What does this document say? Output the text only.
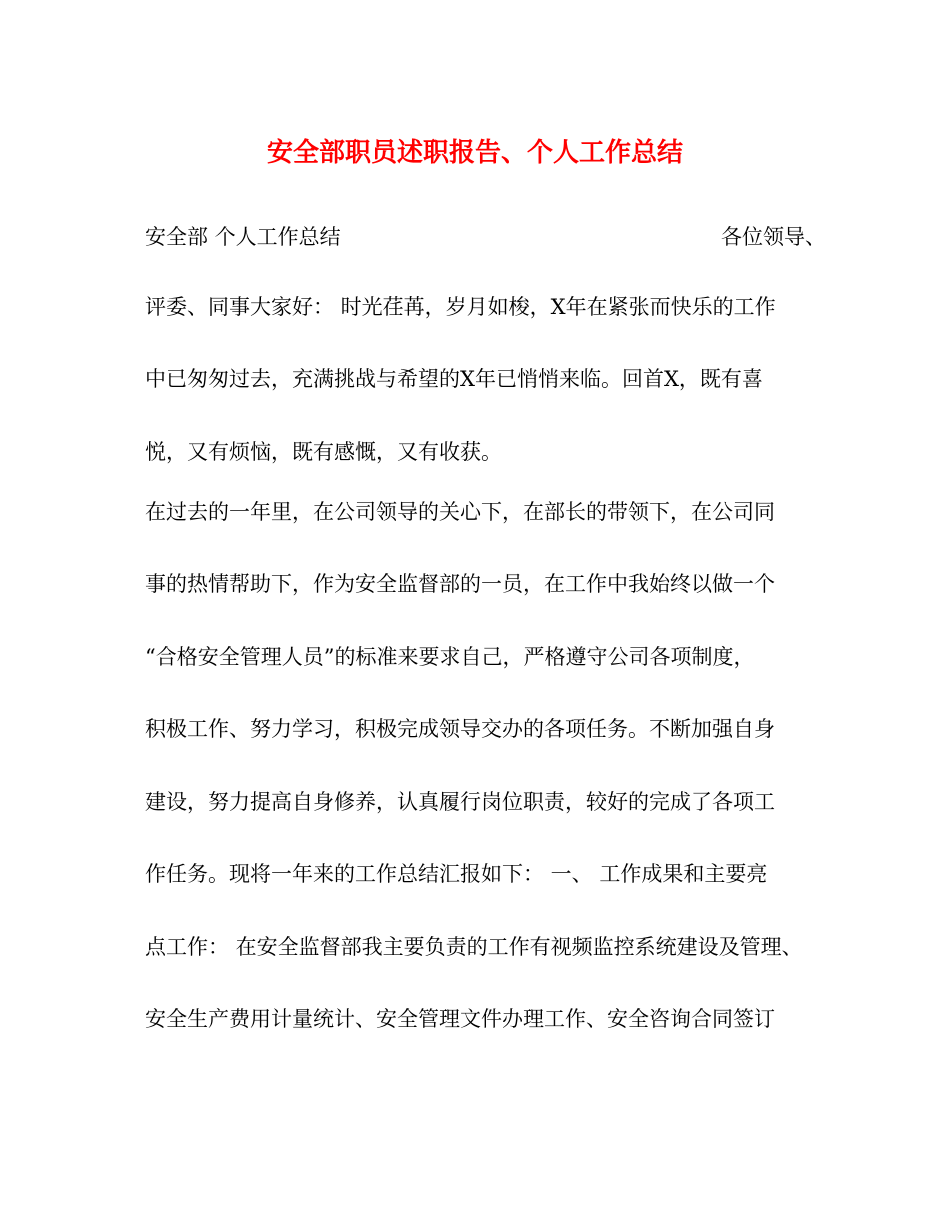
安全部职员述职报告、个人工作总结
安全部 个人工作总结	各位领导、
评委、同事大家好： 时光荏苒，岁月如梭，X年在紧张而快乐的工作
中已匆匆过去，充满挑战与希望的X年已悄悄来临。回首X，既有喜
悦，又有烦恼，既有感慨，又有收获。
在过去的一年里，在公司领导的关心下，在部长的带领下，在公司同
事的热情帮助下，作为安全监督部的一员，在工作中我始终以做一个
“合格安全管理人员”的标准来要求自己，严格遵守公司各项制度，
积极工作、努力学习，积极完成领导交办的各项任务。不断加强自身
建设，努力提高自身修养，认真履行岗位职责，较好的完成了各项工
作任务。现将一年来的工作总结汇报如下： 一、 工作成果和主要亮
点工作： 在安全监督部我主要负责的工作有视频监控系统建设及管理、
安全生产费用计量统计、安全管理文件办理工作、安全咨询合同签订
